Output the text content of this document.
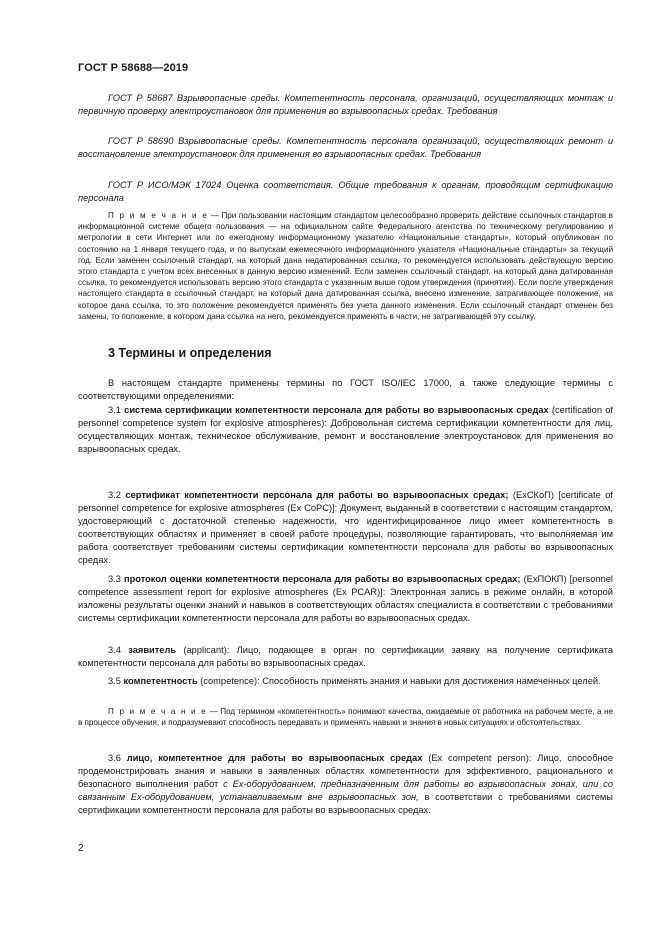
ГОСТ Р 58688—2019

ГОСТ Р 58687 Взрывоопасные среды. Компетентность персонала, организаций, осуществляющих монтаж и первичную проверку электроустановок для применения во взрывоопасных средах. Требования

ГОСТ Р 58690 Взрывоопасные среды. Компетентность персонала организаций, осуществляющих ремонт и восстановление электроустановок для применения во взрывоопасных средах. Требования

ГОСТ Р ИСО/МЭК 17024 Оценка соответствия. Общие требования к органам, проводящим сертификацию персонала

П р и м е ч а н и е — При пользовании настоящим стандартом целесообразно проверить действие ссылочных стандартов в информационной системе общего пользования — на официальном сайте Федерального агентства по техническому регулированию и метрологии в сети Интернет или по ежегодному информационному указателю «Национальные стандарты», который опубликован по состоянию на 1 января текущего года, и по выпускам ежемесячного информационного указателя «Национальные стандарты» за текущий год. Если заменен ссылочный стандарт, на который дана недатированная ссылка, то рекомендуется использовать действующую версию этого стандарта с учетом всех внесенных в данную версию изменений. Если заменен ссылочный стандарт, на который дана датированная ссылка, то рекомендуется использовать версию этого стандарта с указанным выше годом утверждения (принятия). Если после утверждения настоящего стандарта в ссылочный стандарт, на который дана датированная ссылка, внесено изменение, затрагивающее положение, на которое дана ссылка, то это положение рекомендуется применять без учета данного изменения. Если ссылочный стандарт отменен без замены, то положение, в котором дана ссылка на него, рекомендуется применять в части, не затрагивающей эту ссылку.

3 Термины и определения

В настоящем стандарте применены термины по ГОСТ ISO/IEC 17000, а также следующие термины с соответствующими определениями:

3.1 система сертификации компетентности персонала для работы во взрывоопасных средах (certification of personnel competence system for explosive atmospheres): Добровольная система сертификации компетентности для лиц, осуществляющих монтаж, техническое обслуживание, ремонт и восстановление электроустановок для применения во взрывоопасных средах.

3.2 сертификат компетентности персонала для работы во взрывоопасных средах; (ЕхСКоП) [certificate of personnel competence for explosive atmospheres (Ex CoPC)]: Документ, выданный в соответствии с настоящим стандартом, удостоверяющий с достаточной степенью надежности, что идентифицированное лицо имеет компетентность в соответствующих областях и применяет в своей работе процедуры, позволяющие гарантировать, что выполняемая им работа соответствует требованиям системы сертификации компетентности персонала для работы во взрывоопасных средах.

3.3 протокол оценки компетентности персонала для работы во взрывоопасных средах; (ЕхПОКП) [personnel competence assessment report for explosive atmospheres (Ex PCAR)]: Электронная запись в режиме онлайн, в которой изложены результаты оценки знаний и навыков в соответствующих областях специалиста в соответствии с требованиями системы сертификации компетентности персонала для работы во взрывоопасных средах.

3.4 заявитель (applicant): Лицо, подающее в орган по сертификации заявку на получение сертификата компетентности персонала для работы во взрывоопасных средах.

3.5 компетентность (competence): Способность применять знания и навыки для достижения намеченных целей.

П р и м е ч а н и е — Под термином «компетентность» понимают качества, ожидаемые от работника на рабочем месте, а не в процессе обучения, и подразумевают способность передавать и применять навыки и знания в новых ситуациях и обстоятельствах.

3.6 лицо, компетентное для работы во взрывоопасных средах (Ex competent person): Лицо, способное продемонстрировать знания и навыки в заявленных областях компетентности для эффективного, рационального и безопасного выполнения работ с Ex-оборудованием, предназначенным для работы во взрывоопасных зонах, или со связанным Ex-оборудованием, устанавливаемым вне взрывоопасных зон, в соответствии с требованиями системы сертификации компетентности персонала для работы во взрывоопасных средах.

2
